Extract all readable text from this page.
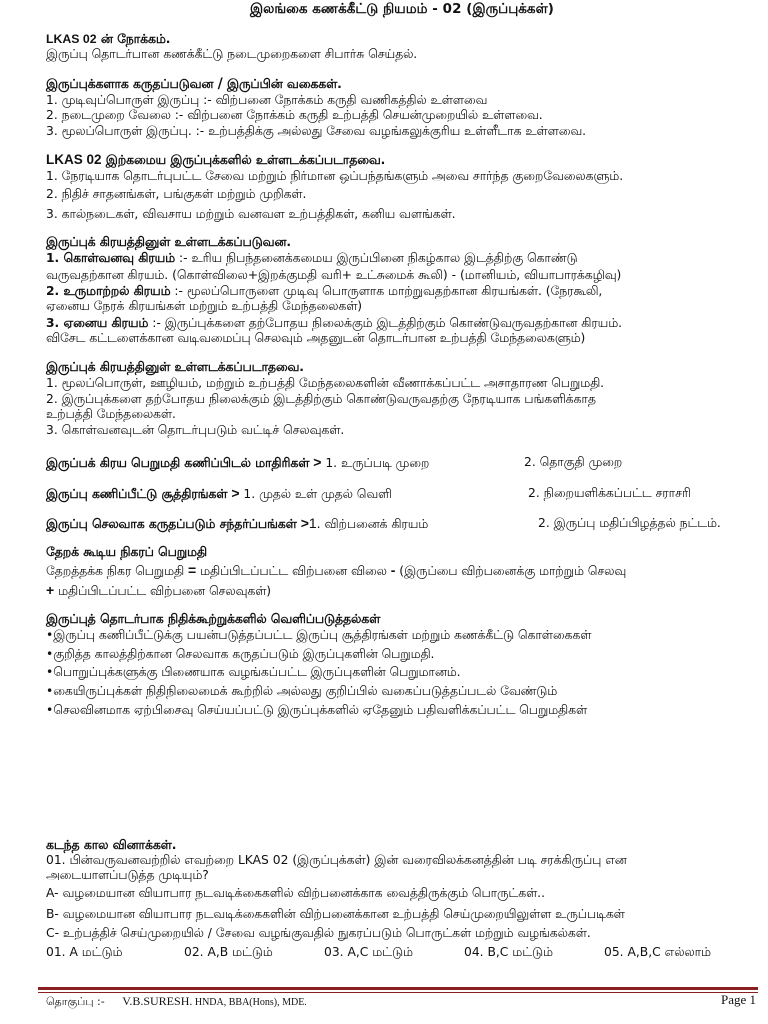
இலங்கை கணக்கீட்டு நியமம் - 02 (இருப்புக்கள்)
LKAS 02 ன் நோக்கம்.
இருப்பு தொடர்பான கணக்கீட்டு நடைமுறைகளை சிபார்சு செய்தல்.
இருப்புக்களாக கருதப்படுவன / இருப்பின் வகைகள்.
1. முடிவுப்பொருள் இருப்பு :- விற்பனை நோக்கம் கருதி வணிகத்தில் உள்ளவை
2. நடைமுறை வேலை :- விற்பனை நோக்கம் கருதி உற்பத்தி செயன்முறையில் உள்ளவை.
3. மூலப்பொருள் இருப்பு. :- உற்பத்திக்கு அல்லது சேவை வழங்கலுக்குரிய உள்ளீடாக உள்ளவை.
LKAS 02 இற்கமைய இருப்புக்களில் உள்ளடக்கப்படாதவை.
1. நேரடியாக தொடர்புபட்ட சேவை மற்றும் நிர்மான ஒப்பந்தங்களும் அவை சார்ந்த குறைவேலைகளும்.
2. நிதிச் சாதனங்கள், பங்குகள் மற்றும் முறிகள்.
3. கால்நடைகள், விவசாய மற்றும் வனவள உற்பத்திகள், கனிய வளங்கள்.
இருப்புக் கிரயத்தினுள் உள்ளடக்கப்படுவன.
1. கொள்வனவு கிரயம் :- உரிய நிபந்தனைக்கமைய இருப்பினை நிகழ்கால இடத்திற்கு கொண்டு
வருவதற்கான கிரயம். (கொள்விலை+இறக்குமதி வரி+ உட்சுமைக் கூலி) - (மானியம், வியாபாரக்கழிவு)
2. உருமாற்றல் கிரயம் :- மூலப்பொருளை முடிவு பொருளாக மாற்றுவதற்கான கிரயங்கள். (நேரகூலி,
ஏனைய நேரக் கிரயங்கள் மற்றும் உற்பத்தி மேந்தலைகள்)
3. ஏனைய கிரயம் :- இருப்புக்களை தற்போதய நிலைக்கும் இடத்திற்கும் கொண்டுவருவதற்கான கிரயம்.
விசேட கட்டளைக்கான வடிவமைப்பு செலவும் அதனுடன் தொடர்பான உற்பத்தி மேந்தலைகளும்)
இருப்புக் கிரயத்தினுள் உள்ளடக்கப்படாதவை.
1. மூலப்பொருள், ஊழியம், மற்றும் உற்பத்தி மேந்தலைகளின் வீணாக்கப்பட்ட அசாதாரண பெறுமதி.
2. இருப்புக்களை தற்போதய நிலைக்கும் இடத்திற்கும் கொண்டுவருவதற்கு நேரடியாக பங்களிக்காத
உற்பத்தி மேந்தலைகள்.
3. கொள்வனவுடன் தொடர்புபடும் வட்டிச் செலவுகள்.
இருப்பக் கிரய பெறுமதி கணிப்பிடல் மாதிரிகள் > 1. உருப்படி முறை	2. தொகுதி முறை
இருப்பு கணிப்பீட்டு சூத்திரங்கள் > 1. முதல் உள் முதல் வெளி	2. நிறையளிக்கப்பட்ட சராசரி
இருப்பு செலவாக கருதப்படும் சந்தர்ப்பங்கள் >1. விற்பனைக் கிரயம்	2. இருப்பு மதிப்பிழத்தல் நட்டம்.
தேறக் கூடிய நிகரப் பெறுமதி
தேறத்தக்க நிகர பெறுமதி = மதிப்பிடப்பட்ட விற்பனை விலை - (இருப்பை விற்பனைக்கு மாற்றும் செலவு
+ மதிப்பிடப்பட்ட விற்பனை செலவுகள்)
இருப்புத் தொடர்பாக நிதிக்கூற்றுக்களில் வெளிப்படுத்தல்கள்
•இருப்பு கணிப்பீட்டுக்கு பயன்படுத்தப்பட்ட இருப்பு சூத்திரங்கள் மற்றும் கணக்கீட்டு கொள்கைகள்
•குறித்த காலத்திற்கான செலவாக கருதப்படும் இருப்புகளின் பெறுமதி.
•பொறுப்புக்களுக்கு பிணையாக வழங்கப்பட்ட இருப்புகளின் பெறுமானம்.
•கையிருப்புக்கள் நிதிநிலைமைக் கூற்றில் அல்லது குறிப்பில் வகைப்படுத்தப்படல் வேண்டும்
•செலவினமாக ஏற்பிசைவு செய்யப்பட்டு இருப்புக்களில் ஏதேனும் பதிவளிக்கப்பட்ட பெறுமதிகள்
கடந்த கால வினாக்கள்.
01. பின்வருவனவற்றில் எவற்றை LKAS 02 (இருப்புக்கள்) இன் வரைவிலக்கனத்தின் படி சரக்கிருப்பு என
அடையாளப்படுத்த முடியும்?
A- வழமையான வியாபார நடவடிக்கைகளில் விற்பனைக்காக வைத்திருக்கும் பொருட்கள்..
B- வழமையான வியாபார நடவடிக்கைகளின் விற்பனைக்கான உற்பத்தி செய்முறையிலுள்ள உருப்படிகள்
C- உற்பத்திச் செய்முறையில் / சேவை வழங்குவதில் நுகரப்படும் பொருட்கள் மற்றும் வழங்கல்கள்.
01. A மட்டும்	02. A,B மட்டும்	03. A,C மட்டும்	04. B,C மட்டும்	05. A,B,C எல்லாம்
தொகுப்பு :- V.B.SURESH. HNDA, BBA(Hons), MDE.	Page 1
